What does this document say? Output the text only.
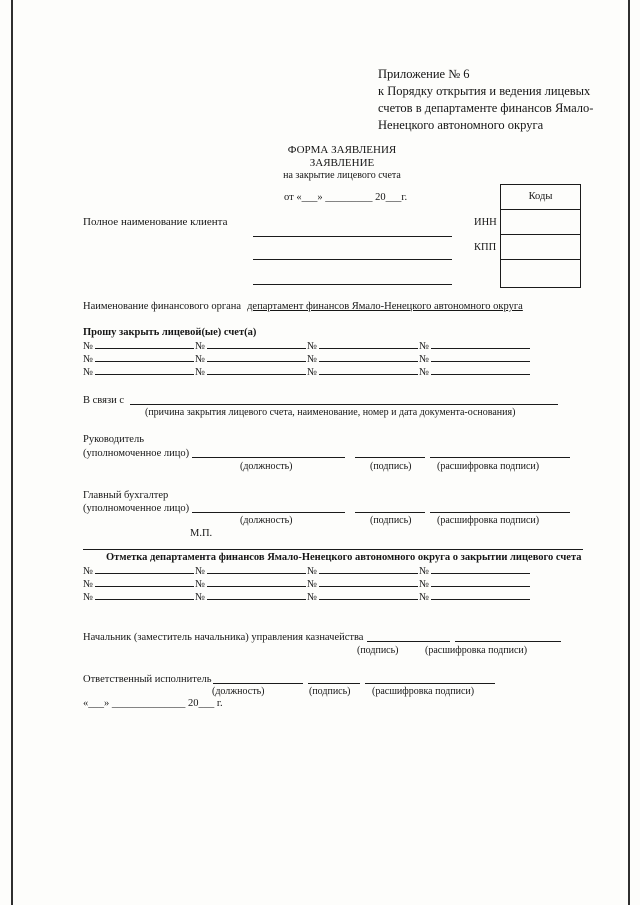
Приложение № 6
к Порядку открытия и ведения лицевых
счетов в департаменте финансов Ямало-
Ненецкого автономного округа
ФОРМА ЗАЯВЛЕНИЯ
ЗАЯВЛЕНИЕ
на закрытие лицевого счета
от «___» _________ 20___г.	Коды
ИНН
КПП
Полное наименование клиента
Наименование финансового органа департамент финансов Ямало-Ненецкого автономного округа
Прошу закрыть лицевой(ые) счет(а)
№	№	№	№
№	№	№	№
№	№	№	№
В связи с
(причина закрытия лицевого счета, наименование, номер и дата документа-основания)
Руководитель
(уполномоченное лицо)
(должность)	(подпись)	(расшифровка подписи)
Главный бухгалтер
(уполномоченное лицо)
(должность)	(подпись)	(расшифровка подписи)
М.П.
Отметка департамента финансов Ямало-Ненецкого автономного округа о закрытии лицевого счета
№	№	№	№
№	№	№	№
№	№	№	№
Начальник (заместитель начальника) управления казначейства
(подпись)	(расшифровка подписи)
Ответственный исполнитель
(должность)	(подпись) (расшифровка подписи)
«___» ______________ 20___ г.
